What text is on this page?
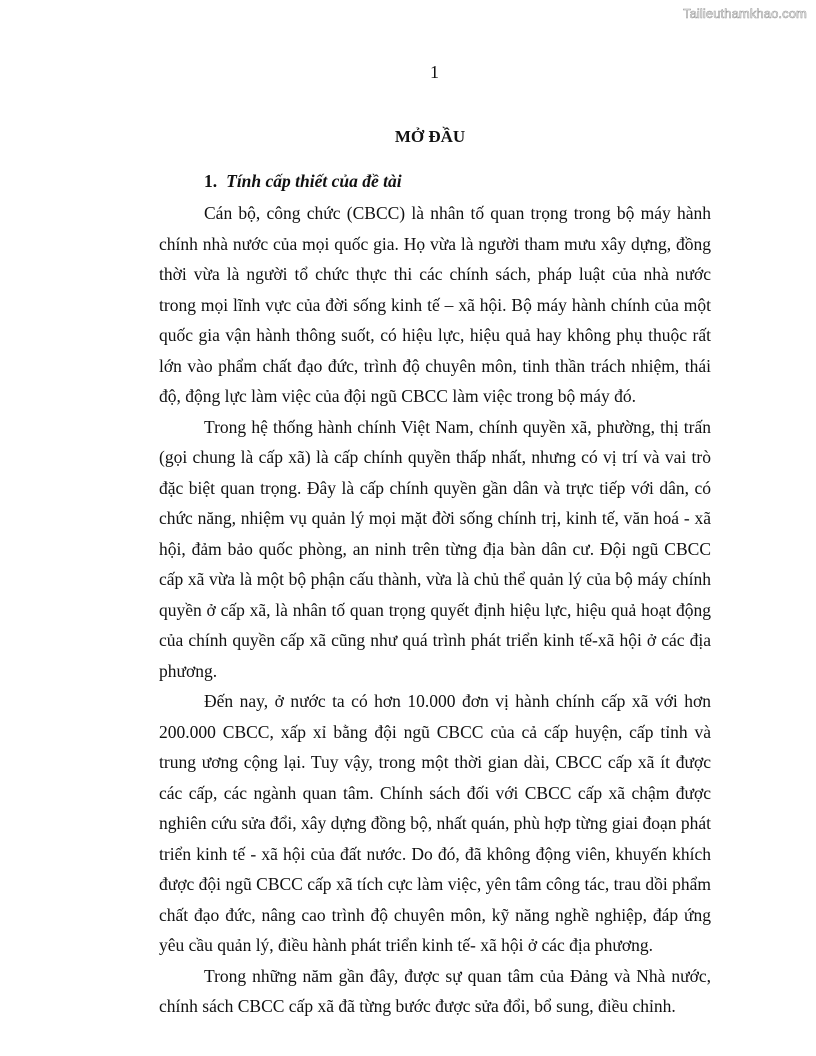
Tailieuthamkhao.com
1
MỞ ĐẦU
1. Tính cấp thiết của đề tài

Cán bộ, công chức (CBCC) là nhân tố quan trọng trong bộ máy hành chính nhà nước của mọi quốc gia. Họ vừa là người tham mưu xây dựng, đồng thời vừa là người tổ chức thực thi các chính sách, pháp luật của nhà nước trong mọi lĩnh vực của đời sống kinh tế – xã hội. Bộ máy hành chính của một quốc gia vận hành thông suốt, có hiệu lực, hiệu quả hay không phụ thuộc rất lớn vào phẩm chất đạo đức, trình độ chuyên môn, tinh thần trách nhiệm, thái độ, động lực làm việc của đội ngũ CBCC làm việc trong bộ máy đó.

Trong hệ thống hành chính Việt Nam, chính quyền xã, phường, thị trấn (gọi chung là cấp xã) là cấp chính quyền thấp nhất, nhưng có vị trí và vai trò đặc biệt quan trọng. Đây là cấp chính quyền gần dân và trực tiếp với dân, có chức năng, nhiệm vụ quản lý mọi mặt đời sống chính trị, kinh tế, văn hoá - xã hội, đảm bảo quốc phòng, an ninh trên từng địa bàn dân cư. Đội ngũ CBCC cấp xã vừa là một bộ phận cấu thành, vừa là chủ thể quản lý của bộ máy chính quyền ở cấp xã, là nhân tố quan trọng quyết định hiệu lực, hiệu quả hoạt động của chính quyền cấp xã cũng như quá trình phát triển kinh tế-xã hội ở các địa phương.

Đến nay, ở nước ta có hơn 10.000 đơn vị hành chính cấp xã với hơn 200.000 CBCC, xấp xỉ bằng đội ngũ CBCC của cả cấp huyện, cấp tỉnh và trung ương cộng lại. Tuy vậy, trong một thời gian dài, CBCC cấp xã ít được các cấp, các ngành quan tâm. Chính sách đối với CBCC cấp xã chậm được nghiên cứu sửa đổi, xây dựng đồng bộ, nhất quán, phù hợp từng giai đoạn phát triển kinh tế - xã hội của đất nước. Do đó, đã không động viên, khuyến khích được đội ngũ CBCC cấp xã tích cực làm việc, yên tâm công tác, trau dồi phẩm chất đạo đức, nâng cao trình độ chuyên môn, kỹ năng nghề nghiệp, đáp ứng yêu cầu quản lý, điều hành phát triển kinh tế- xã hội ở các địa phương.

Trong những năm gần đây, được sự quan tâm của Đảng và Nhà nước, chính sách CBCC cấp xã đã từng bước được sửa đổi, bổ sung, điều chỉnh.
